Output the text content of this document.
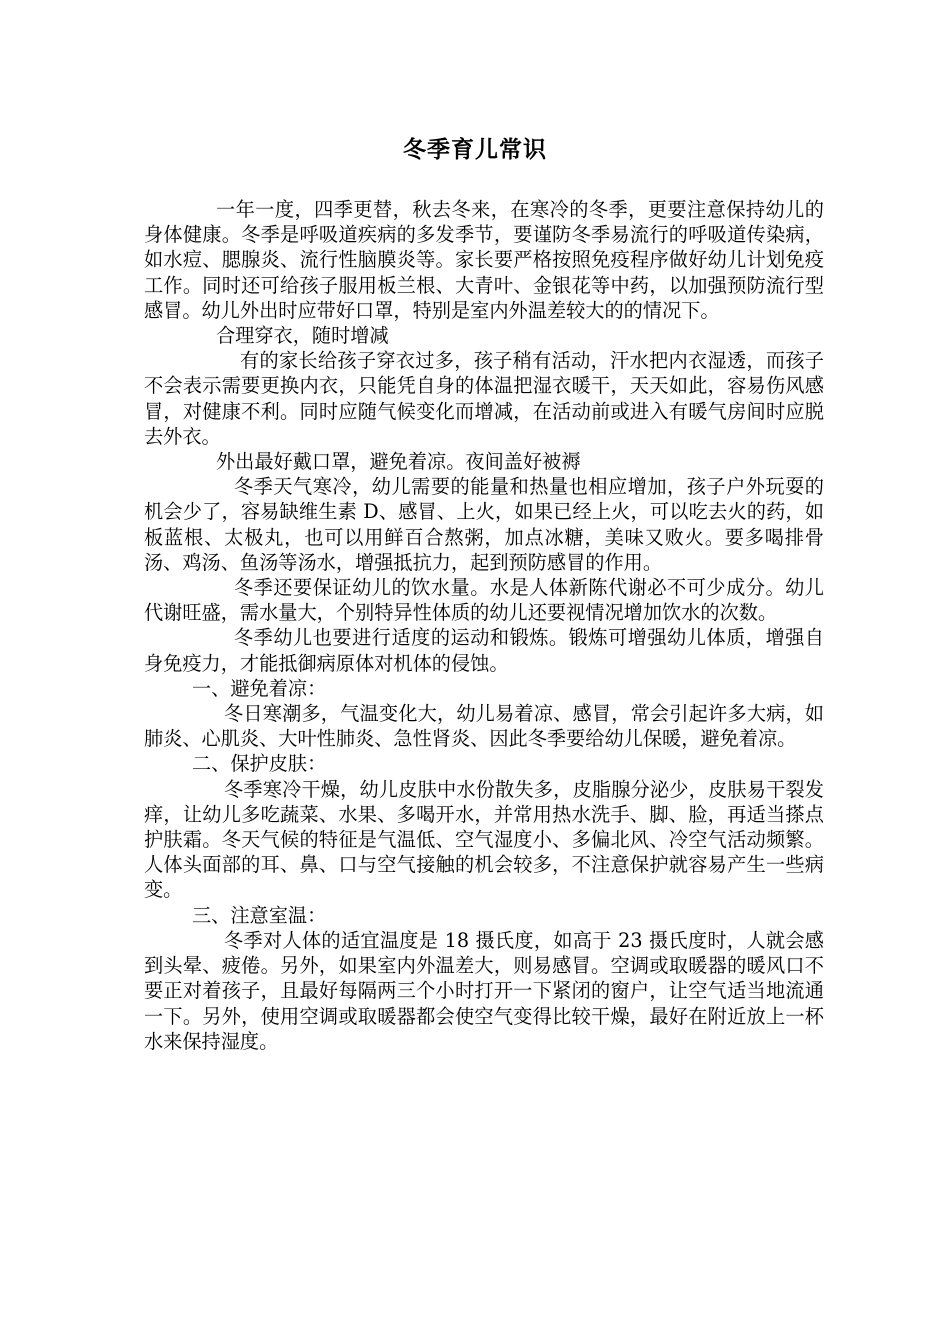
冬季育儿常识

一年一度，四季更替，秋去冬来，在寒冷的冬季，更要注意保持幼儿的身体健康。冬季是呼吸道疾病的多发季节，要谨防冬季易流行的呼吸道传染病，如水痘、腮腺炎、流行性脑膜炎等。家长要严格按照免疫程序做好幼儿计划免疫工作。同时还可给孩子服用板兰根、大青叶、金银花等中药，以加强预防流行型感冒。幼儿外出时应带好口罩，特别是室内外温差较大的的情况下。

合理穿衣，随时增减

有的家长给孩子穿衣过多，孩子稍有活动，汗水把内衣湿透，而孩子不会表示需要更换内衣，只能凭自身的体温把湿衣暖干，天天如此，容易伤风感冒，对健康不利。同时应随气候变化而增减，在活动前或进入有暖气房间时应脱去外衣。

外出最好戴口罩，避免着凉。夜间盖好被褥

冬季天气寒冷，幼儿需要的能量和热量也相应增加，孩子户外玩耍的机会少了，容易缺维生素 D、感冒、上火，如果已经上火，可以吃去火的药，如板蓝根、太极丸，也可以用鲜百合熬粥，加点冰糖，美味又败火。要多喝排骨汤、鸡汤、鱼汤等汤水，增强抵抗力，起到预防感冒的作用。

冬季还要保证幼儿的饮水量。水是人体新陈代谢必不可少成分。幼儿代谢旺盛，需水量大，个别特异性体质的幼儿还要视情况增加饮水的次数。

冬季幼儿也要进行适度的运动和锻炼。锻炼可增强幼儿体质，增强自身免疫力，才能抵御病原体对机体的侵蚀。

一、避免着凉：

冬日寒潮多，气温变化大，幼儿易着凉、感冒，常会引起许多大病，如肺炎、心肌炎、大叶性肺炎、急性肾炎、因此冬季要给幼儿保暖，避免着凉。

二、保护皮肤：

冬季寒冷干燥，幼儿皮肤中水份散失多，皮脂腺分泌少，皮肤易干裂发痒，让幼儿多吃蔬菜、水果、多喝开水，并常用热水洗手、脚、脸，再适当搽点护肤霜。冬天气候的特征是气温低、空气湿度小、多偏北风、冷空气活动频繁。人体头面部的耳、鼻、口与空气接触的机会较多，不注意保护就容易产生一些病变。

三、注意室温：

冬季对人体的适宜温度是 18 摄氏度，如高于 23 摄氏度时，人就会感到头晕、疲倦。另外，如果室内外温差大，则易感冒。空调或取暖器的暖风口不要正对着孩子，且最好每隔两三个小时打开一下紧闭的窗户，让空气适当地流通一下。另外，使用空调或取暖器都会使空气变得比较干燥，最好在附近放上一杯水来保持湿度。
